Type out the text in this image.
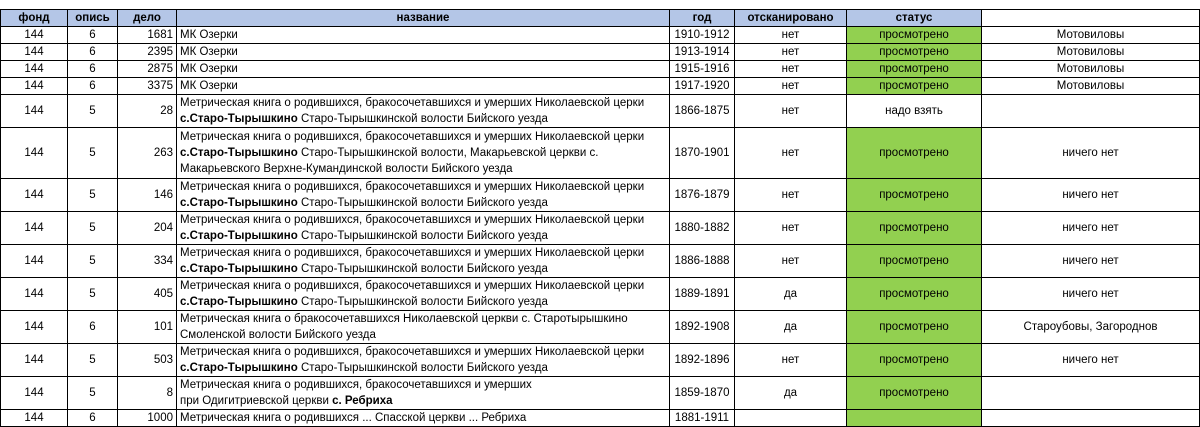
фонд	опись	дело	название	год	отсканировано	статус	
144	6	1681	МК Озерки	1910-1912	нет	просмотрено	Мотовиловы
144	6	2395	МК Озерки	1913-1914	нет	просмотрено	Мотовиловы
144	6	2875	МК Озерки	1915-1916	нет	просмотрено	Мотовиловы
144	6	3375	МК Озерки	1917-1920	нет	просмотрено	Мотовиловы
144	5	28	Метрическая книга о родившихся, бракосочетавшихся и умерших Николаевской церки
с.Старо-Тырышкино Старо-Тырышкинской волости Бийского уезда	1866-1875	нет	надо взять	
144	5	263	Метрическая книга о родившихся, бракосочетавшихся и умерших Николаевской церки
с.Старо-Тырышкино Старо-Тырышкинской волости, Макарьевской церкви с.
Макарьевского Верхне-Кумандинской волости Бийского уезда	1870-1901	нет	просмотрено	ничего нет
144	5	146	Метрическая книга о родившихся, бракосочетавшихся и умерших Николаевской церки
с.Старо-Тырышкино Старо-Тырышкинской волости Бийского уезда	1876-1879	нет	просмотрено	ничего нет
144	5	204	Метрическая книга о родившихся, бракосочетавшихся и умерших Николаевской церки
с.Старо-Тырышкино Старо-Тырышкинской волости Бийского уезда	1880-1882	нет	просмотрено	ничего нет
144	5	334	Метрическая книга о родившихся, бракосочетавшихся и умерших Николаевской церки
с.Старо-Тырышкино Старо-Тырышкинской волости Бийского уезда	1886-1888	нет	просмотрено	ничего нет
144	5	405	Метрическая книга о родившихся, бракосочетавшихся и умерших Николаевской церки
с.Старо-Тырышкино Старо-Тырышкинской волости Бийского уезда	1889-1891	да	просмотрено	ничего нет
144	6	101	Метрическая книга о бракосочетавшихся Николаевской церкви с. Старотырышкино
Смоленской волости Бийского уезда	1892-1908	да	просмотрено	Староубовы, Загороднов
144	5	503	Метрическая книга о родившихся, бракосочетавшихся и умерших Николаевской церки
с.Старо-Тырышкино Старо-Тырышкинской волости Бийского уезда	1892-1896	нет	просмотрено	ничего нет
144	5	8	Метрическая книга о родившихся, бракосочетавшихся и умерших
при Одигитриевской церкви с. Ребриха	1859-1870	да	просмотрено	
144	6	1000	Метрическая книга о родившихся ... Спасской церкви ... Ребриха	1881-1911			
